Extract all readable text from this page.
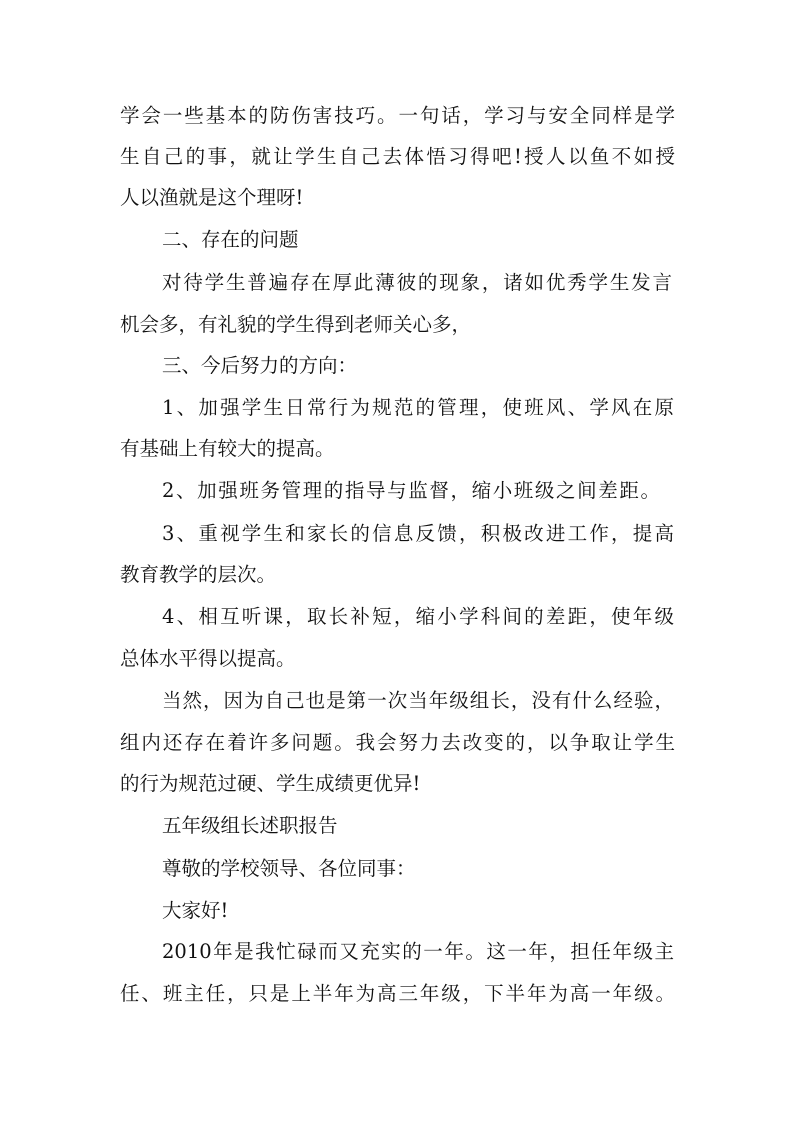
学会一些基本的防伤害技巧。一句话，学习与安全同样是学

生自己的事，就让学生自己去体悟习得吧!授人以鱼不如授

人以渔就是这个理呀!

二、存在的问题

对待学生普遍存在厚此薄彼的现象，诸如优秀学生发言

机会多，有礼貌的学生得到老师关心多，

三、今后努力的方向：

1、加强学生日常行为规范的管理，使班风、学风在原

有基础上有较大的提高。

2、加强班务管理的指导与监督，缩小班级之间差距。

3、重视学生和家长的信息反馈，积极改进工作，提高

教育教学的层次。

4、相互听课，取长补短，缩小学科间的差距，使年级

总体水平得以提高。

当然，因为自己也是第一次当年级组长，没有什么经验，

组内还存在着许多问题。我会努力去改变的，以争取让学生

的行为规范过硬、学生成绩更优异!

五年级组长述职报告

尊敬的学校领导、各位同事：

大家好!

2010年是我忙碌而又充实的一年。这一年，担任年级主

任、班主任，只是上半年为高三年级，下半年为高一年级。
